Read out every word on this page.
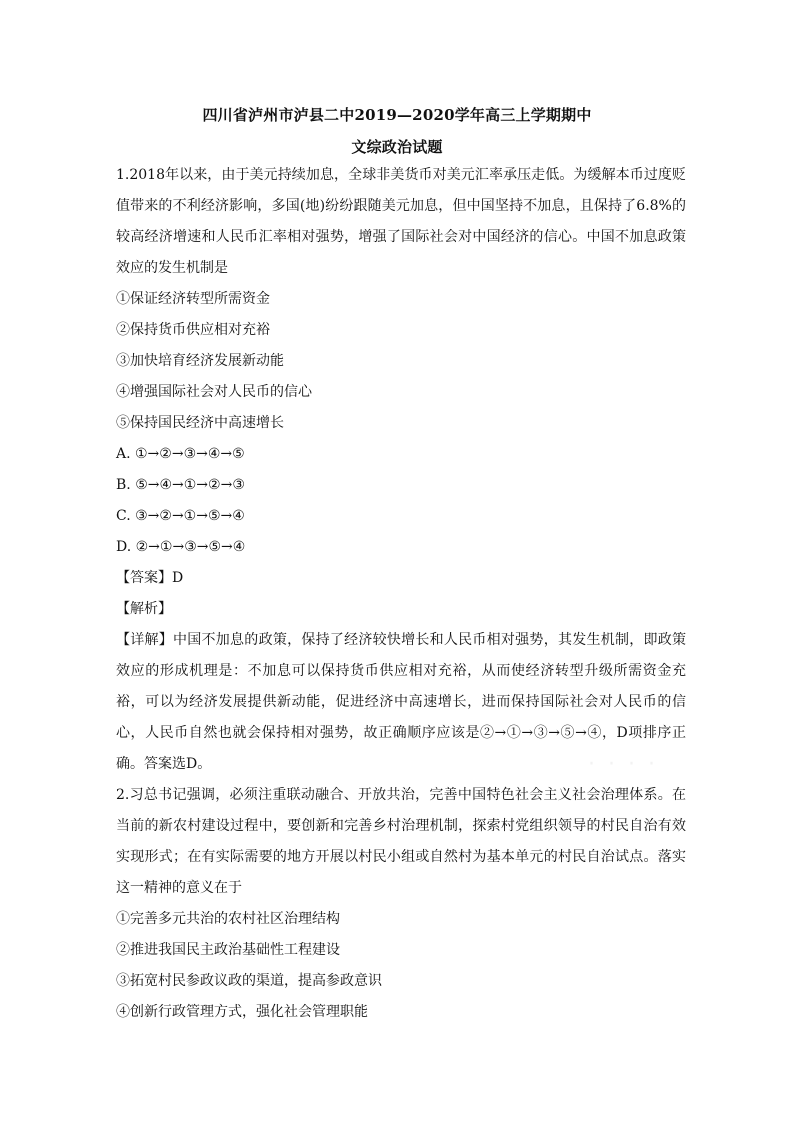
四川省泸州市泸县二中2019—2020学年高三上学期期中
文综政治试题

1.2018年以来，由于美元持续加息，全球非美货币对美元汇率承压走低。为缓解本币过度贬值带来的不利经济影响，多国(地)纷纷跟随美元加息，但中国坚持不加息，且保持了6.8%的较高经济增速和人民币汇率相对强势，增强了国际社会对中国经济的信心。中国不加息政策效应的发生机制是

①保证经济转型所需资金

②保持货币供应相对充裕

③加快培育经济发展新动能

④增强国际社会对人民币的信心

⑤保持国民经济中高速增长

A. ①→②→③→④→⑤

B. ⑤→④→①→②→③

C. ③→②→①→⑤→④

D. ②→①→③→⑤→④

【答案】D

【解析】

【详解】中国不加息的政策，保持了经济较快增长和人民币相对强势，其发生机制，即政策效应的形成机理是：不加息可以保持货币供应相对充裕，从而使经济转型升级所需资金充裕，可以为经济发展提供新动能，促进经济中高速增长，进而保持国际社会对人民币的信心，人民币自然也就会保持相对强势，故正确顺序应该是②→①→③→⑤→④，D项排序正确。答案选D。

2.习总书记强调，必须注重联动融合、开放共治，完善中国特色社会主义社会治理体系。在当前的新农村建设过程中，要创新和完善乡村治理机制，探索村党组织领导的村民自治有效实现形式；在有实际需要的地方开展以村民小组或自然村为基本单元的村民自治试点。落实这一精神的意义在于

①完善多元共治的农村社区治理结构

②推进我国民主政治基础性工程建设

③拓宽村民参政议政的渠道，提高参政意识

④创新行政管理方式，强化社会管理职能

· · · ·
